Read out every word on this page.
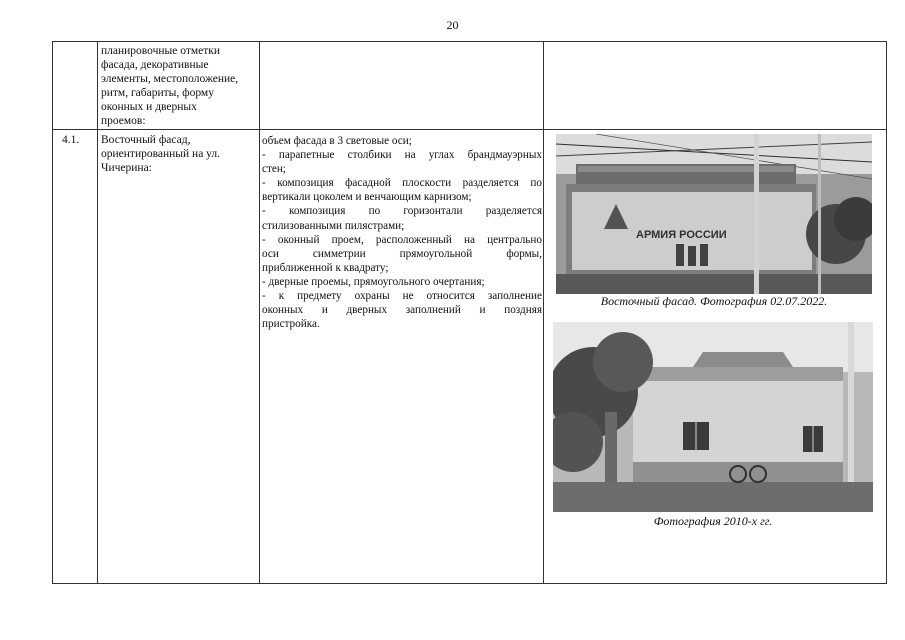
20
планировочные отметки
фасада, декоративные
элементы, местоположение,
ритм, габариты, форму
оконных и дверных
проемов:
4.1. Восточный фасад,
ориентированный на ул.
Чичерина:
объем фасада в 3 световые оси;
- парапетные столбики на углах брандмауэрных
стен;
- композиция фасадной плоскости разделяется по
вертикали цоколем и венчающим карнизом;
- композиция по горизонтали разделяется
стилизованными пилястрами;
- оконный проем, расположенный на центрально
оси симметрии прямоугольной формы,
приближенной к квадрату;
- дверные проемы, прямоугольного очертания;
- к предмету охраны не относится заполнение
оконных и дверных заполнений и поздняя
пристройка.
АРМИЯ РОССИИ
Восточный фасад. Фотография 02.07.2022.
Фотография 2010-х гг.
